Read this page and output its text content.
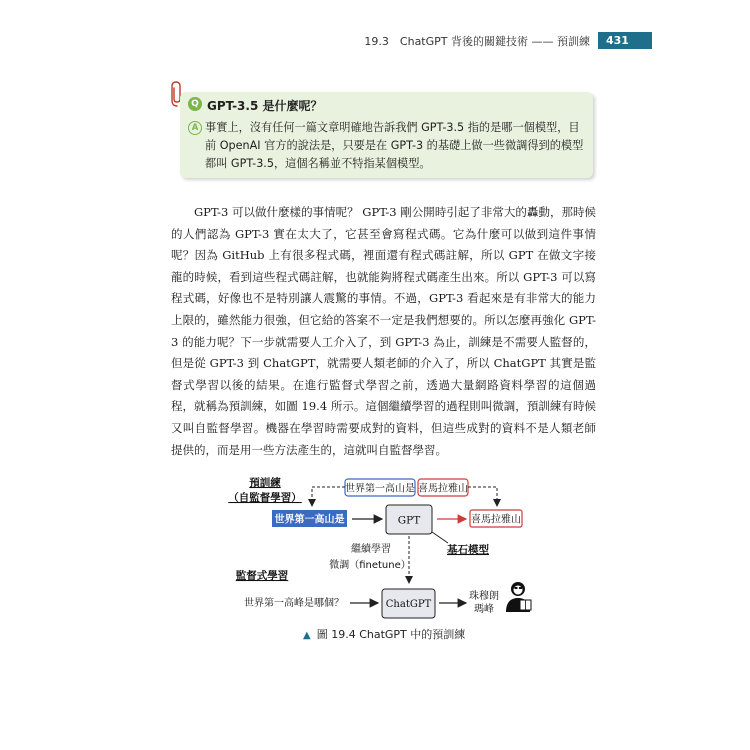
19.3　ChatGPT 背後的關鍵技術 —— 預訓練	431
Q GPT-3.5 是什麼呢？
A 事實上，沒有任何一篇文章明確地告訴我們 GPT-3.5 指的是哪一個模型，目前 OpenAI 官方的說法是，只要是在 GPT-3 的基礎上做一些微調得到的模型都叫 GPT-3.5，這個名稱並不特指某個模型。

GPT-3 可以做什麼樣的事情呢？ GPT-3 剛公開時引起了非常大的轟動，那時候的人們認為 GPT-3 實在太大了，它甚至會寫程式碼。它為什麼可以做到這件事情呢？因為 GitHub 上有很多程式碼，裡面還有程式碼註解，所以 GPT 在做文字接龍的時候，看到這些程式碼註解，也就能夠將程式碼產生出來。所以 GPT-3 可以寫程式碼，好像也不是特別讓人震驚的事情。不過，GPT-3 看起來是有非常大的能力上限的，雖然能力很強，但它給的答案不一定是我們想要的。所以怎麼再強化 GPT-3 的能力呢？下一步就需要人工介入了，到 GPT-3 為止，訓練是不需要人監督的，但是從 GPT-3 到 ChatGPT，就需要人類老師的介入了，所以 ChatGPT 其實是監督式學習以後的結果。在進行監督式學習之前，透過大量網路資料學習的這個過程，就稱為預訓練，如圖 19.4 所示。這個繼續學習的過程則叫微調，預訓練有時候又叫自監督學習。機器在學習時需要成對的資料，但這些成對的資料不是人類老師提供的，而是用一些方法產生的，這就叫自監督學習。

預訓練
（自監督學習）
世界第一高山是 喜馬拉雅山
世界第一高山是	GPT	喜馬拉雅山
基石模型
繼續學習
微調（finetune）
監督式學習
世界第一高峰是哪個？	ChatGPT
珠穆朗
瑪峰
▲ 圖 19.4 ChatGPT 中的預訓練
